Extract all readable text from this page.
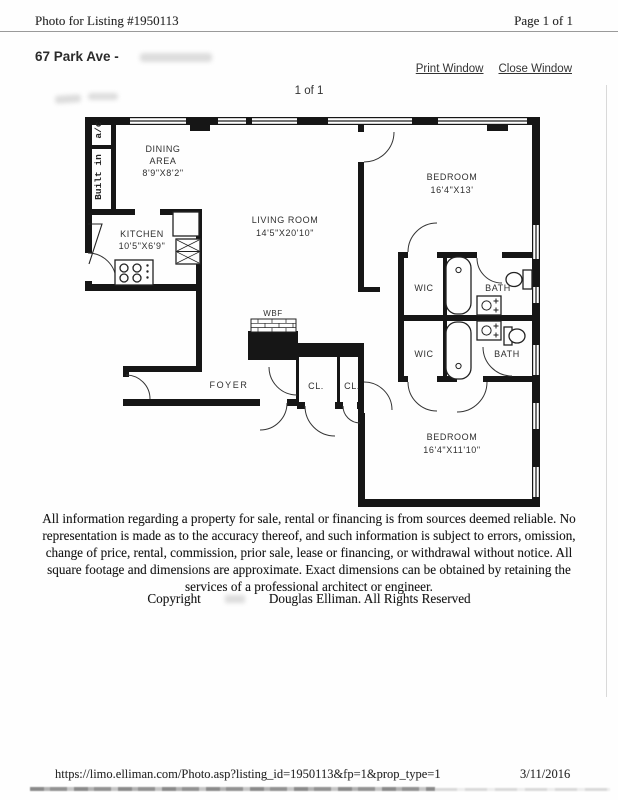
Photo for Listing #1950113	Page 1 of 1
67 Park Ave -
Print Window Close Window
1 of 1
DINING
AREA
8'9"X8'2"
LIVING ROOM
14'5"X20'10"
BEDROOM
16'4"X13'
KITCHEN
10'5"X6'9"
WIC	BATH
WIC	BATH
WBF
FOYER	CL. CL.
BEDROOM
16'4"X11'10"
Built in
a/c
All information regarding a property for sale, rental or financing is from sources deemed reliable. No representation is made as to the accuracy thereof, and such information is subject to errors, omission, change of price, rental, commission, prior sale, lease or financing, or withdrawal without notice. All square footage and dimensions are approximate. Exact dimensions can be obtained by retaining the services of a professional architect or engineer.
Copyright	Douglas Elliman. All Rights Reserved
https://limo.elliman.com/Photo.asp?listing_id=1950113&fp=1&prop_type=1	3/11/2016
